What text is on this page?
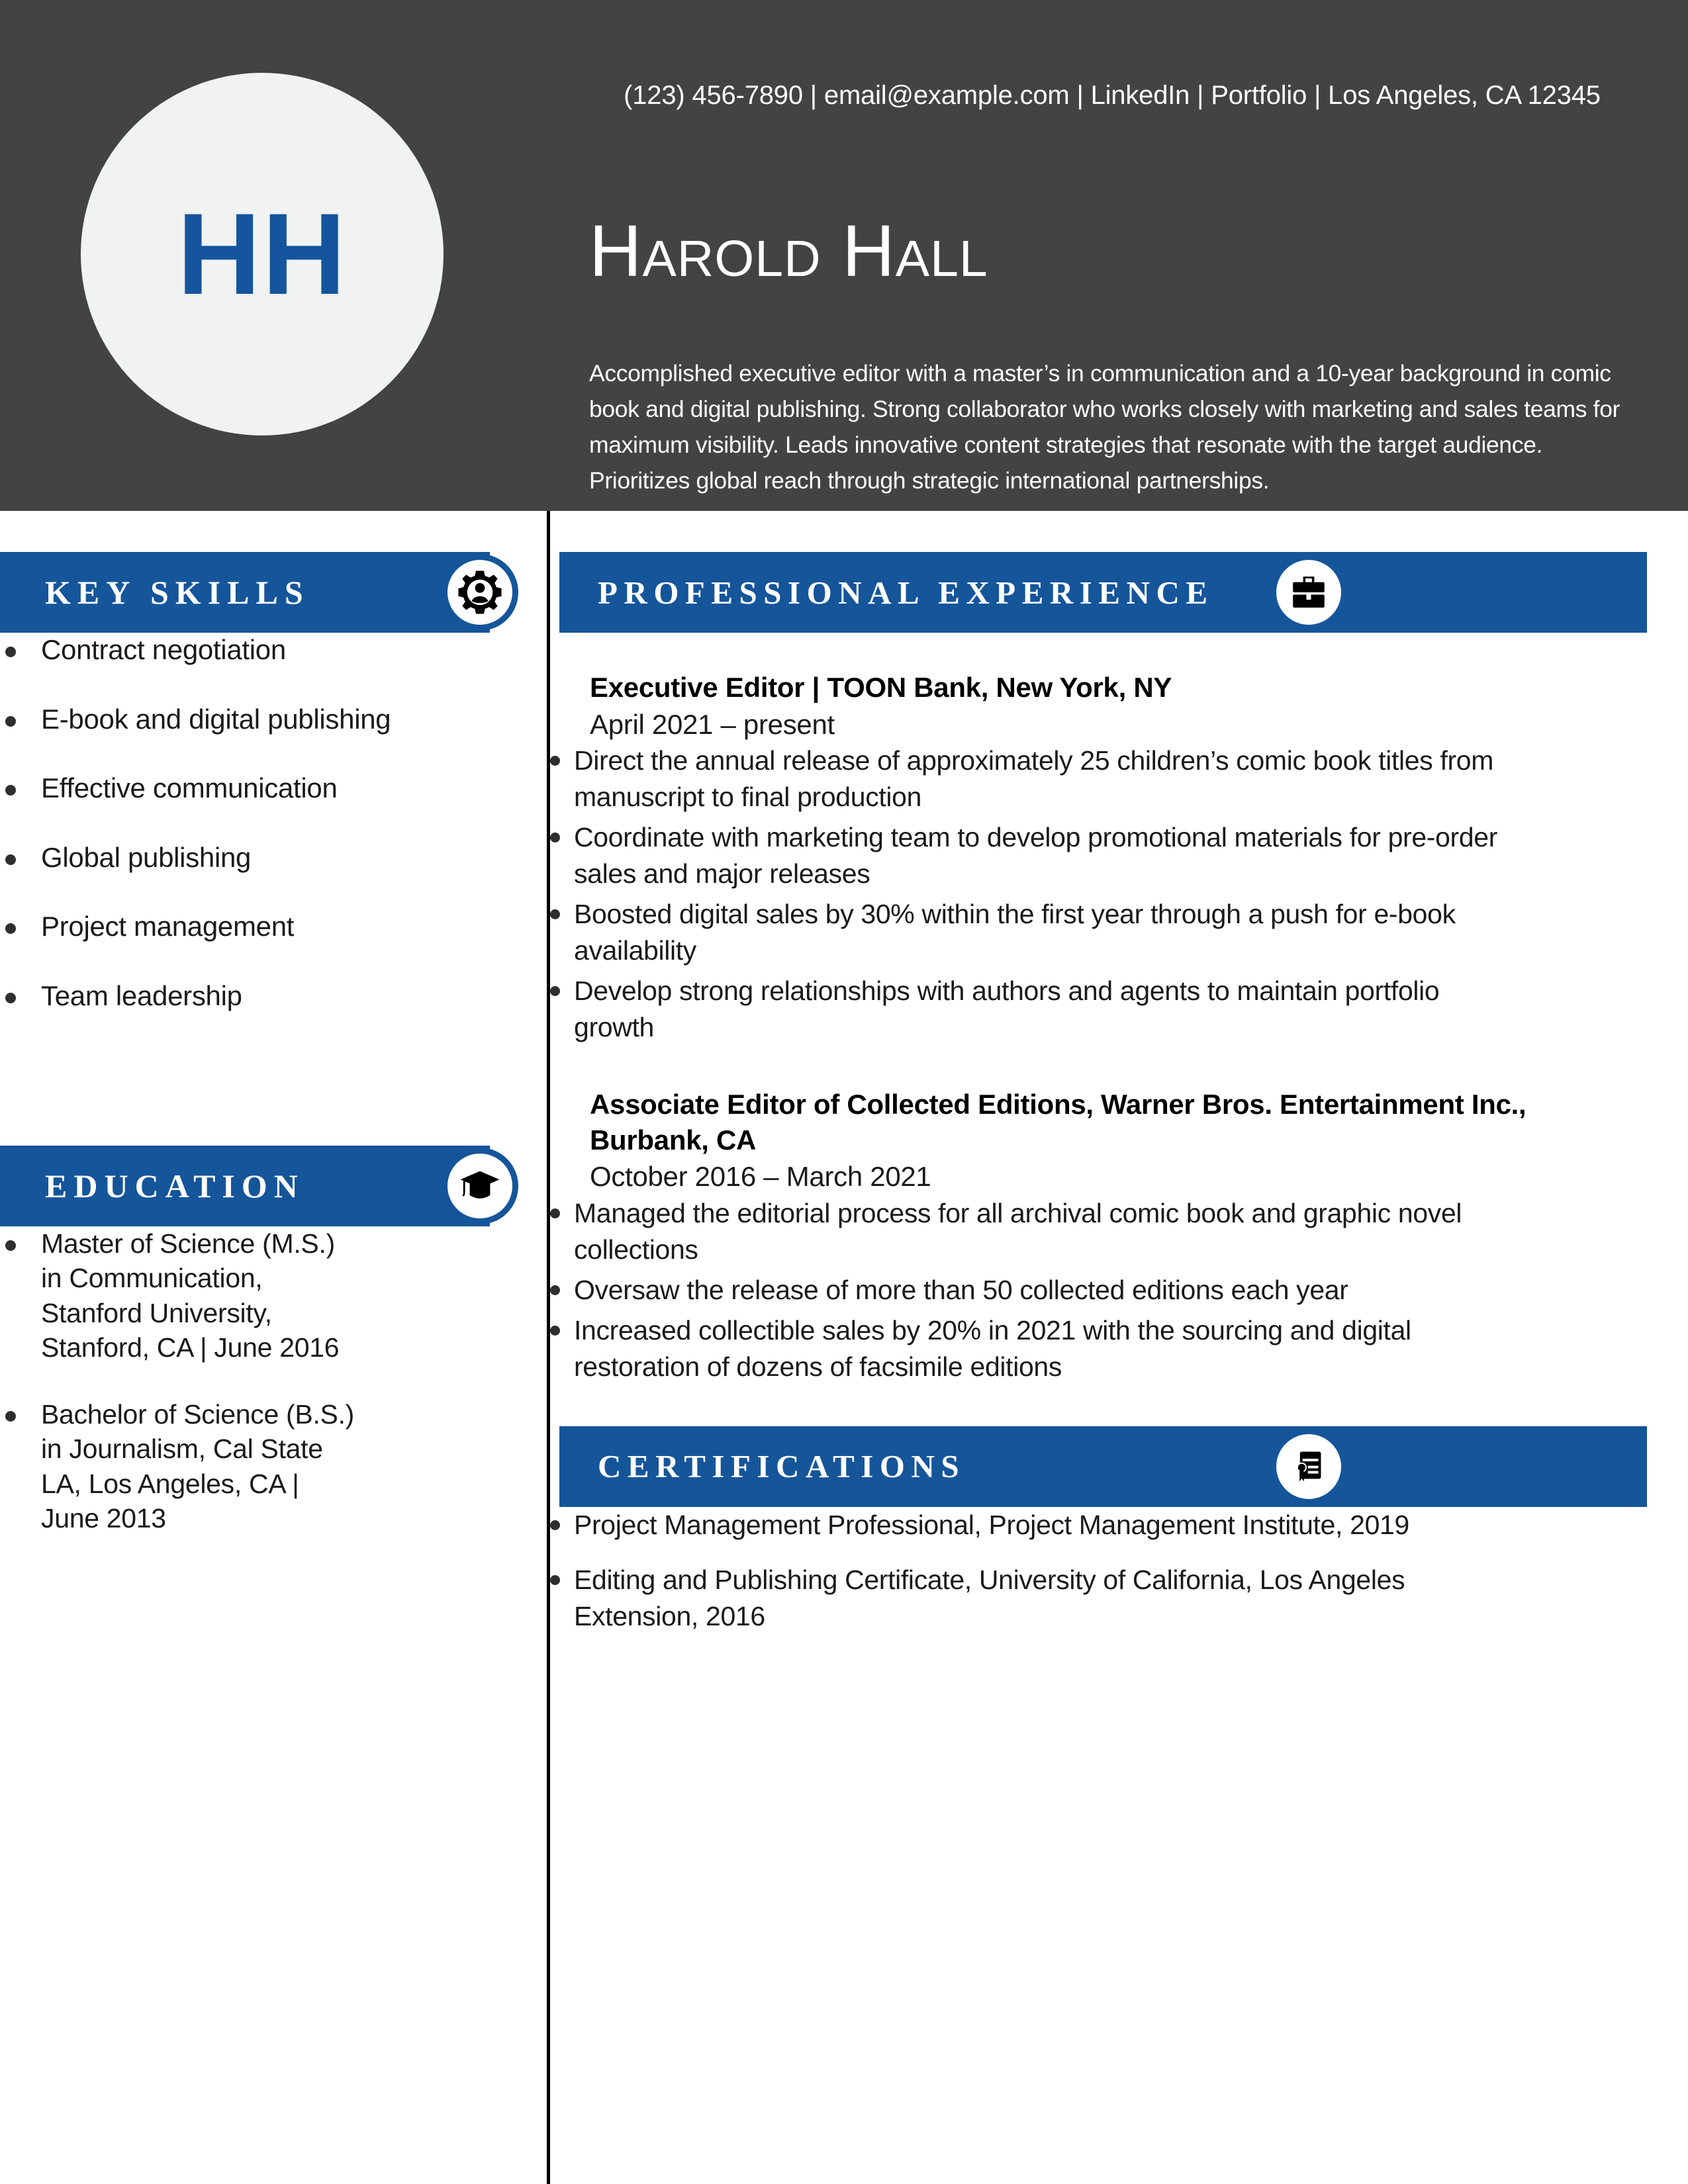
HH
(123) 456-7890 | email@example.com | LinkedIn | Portfolio | Los Angeles, CA 12345
Harold Hall
Accomplished executive editor with a master’s in communication and a 10-year background in comic book and digital publishing. Strong collaborator who works closely with marketing and sales teams for maximum visibility. Leads innovative content strategies that resonate with the target audience. Prioritizes global reach through strategic international partnerships.
KEY SKILLS
Contract negotiation
E-book and digital publishing
Effective communication
Global publishing
Project management
Team leadership
EDUCATION
Master of Science (M.S.) in Communication, Stanford University, Stanford, CA | June 2016
Bachelor of Science (B.S.) in Journalism, Cal State LA, Los Angeles, CA | June 2013
PROFESSIONAL EXPERIENCE
Executive Editor | TOON Bank, New York, NY
April 2021 – present
Direct the annual release of approximately 25 children’s comic book titles from manuscript to final production
Coordinate with marketing team to develop promotional materials for pre-order sales and major releases
Boosted digital sales by 30% within the first year through a push for e-book availability
Develop strong relationships with authors and agents to maintain portfolio growth
Associate Editor of Collected Editions, Warner Bros. Entertainment Inc., Burbank, CA
October 2016 – March 2021
Managed the editorial process for all archival comic book and graphic novel collections
Oversaw the release of more than 50 collected editions each year
Increased collectible sales by 20% in 2021 with the sourcing and digital restoration of dozens of facsimile editions
CERTIFICATIONS
Project Management Professional, Project Management Institute, 2019
Editing and Publishing Certificate, University of California, Los Angeles Extension, 2016
